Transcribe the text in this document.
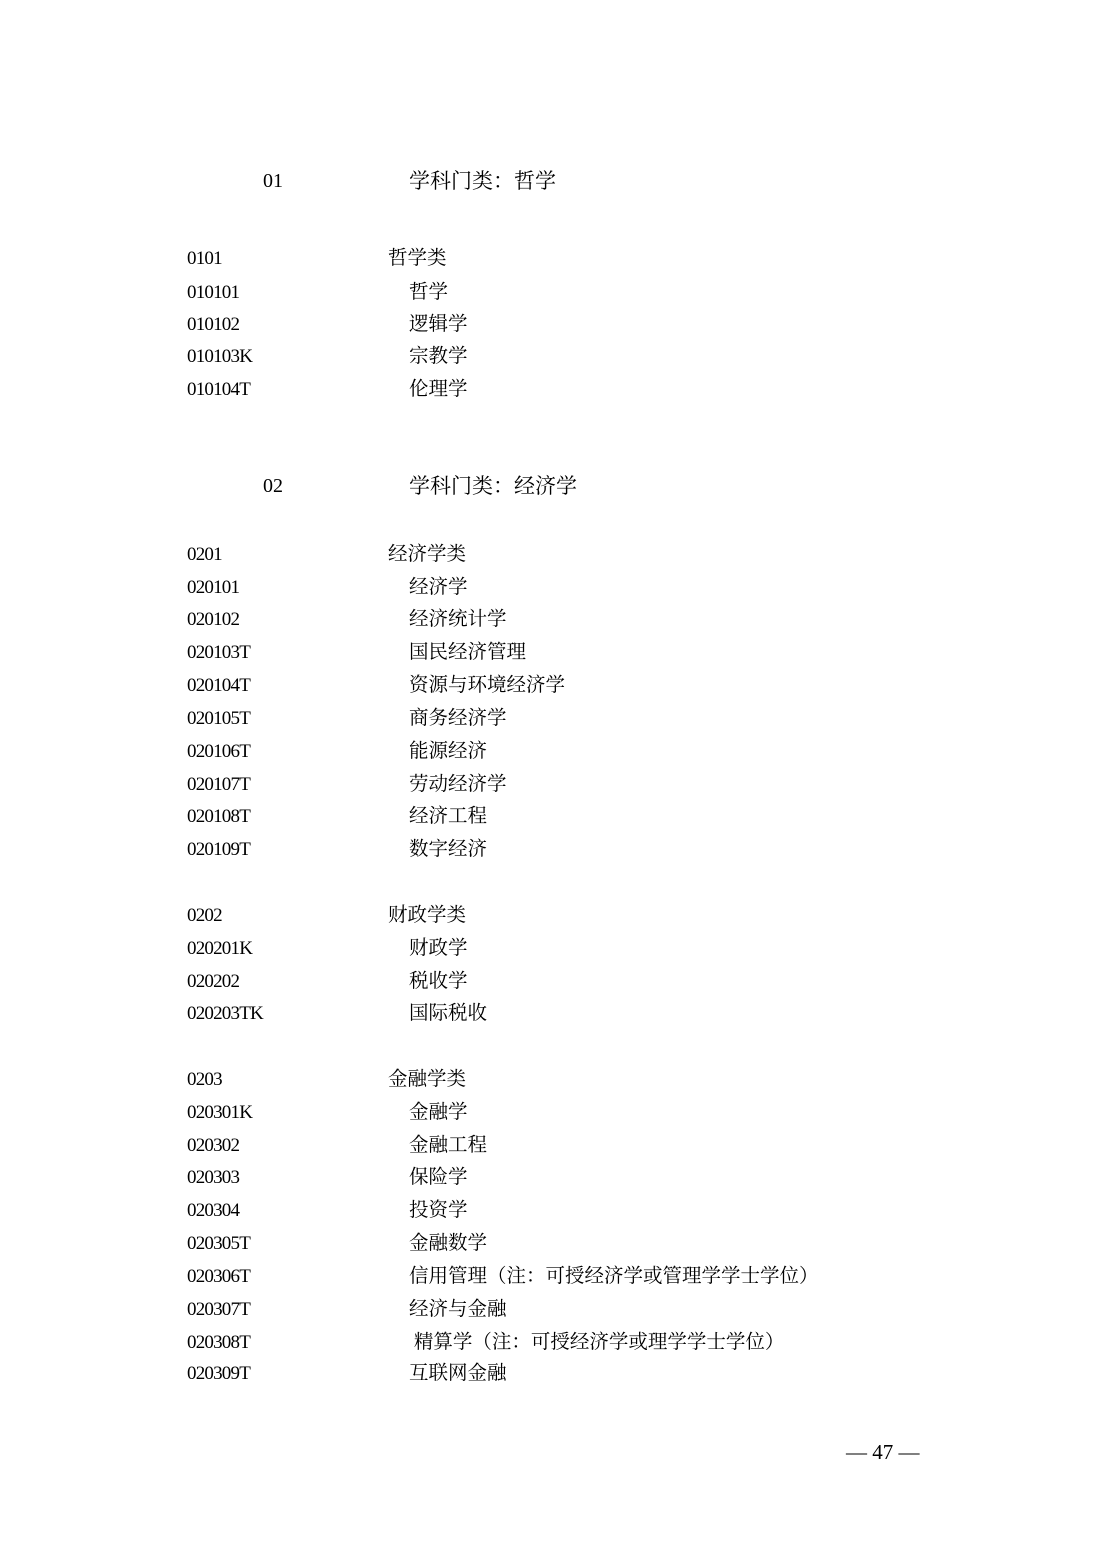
01	学科门类：哲学
0101	哲学类
010101	哲学
010102	逻辑学
010103K	宗教学
010104T	伦理学
02	学科门类：经济学
0201	经济学类
020101	经济学
020102	经济统计学
020103T	国民经济管理
020104T	资源与环境经济学
020105T	商务经济学
020106T	能源经济
020107T	劳动经济学
020108T	经济工程
020109T	数字经济
0202	财政学类
020201K	财政学
020202	税收学
020203TK	国际税收
0203	金融学类
020301K	金融学
020302	金融工程
020303	保险学
020304	投资学
020305T	金融数学
020306T	信用管理（注：可授经济学或管理学学士学位）
020307T	经济与金融
020308T	精算学（注：可授经济学或理学学士学位）
020309T	互联网金融
— 47 —
